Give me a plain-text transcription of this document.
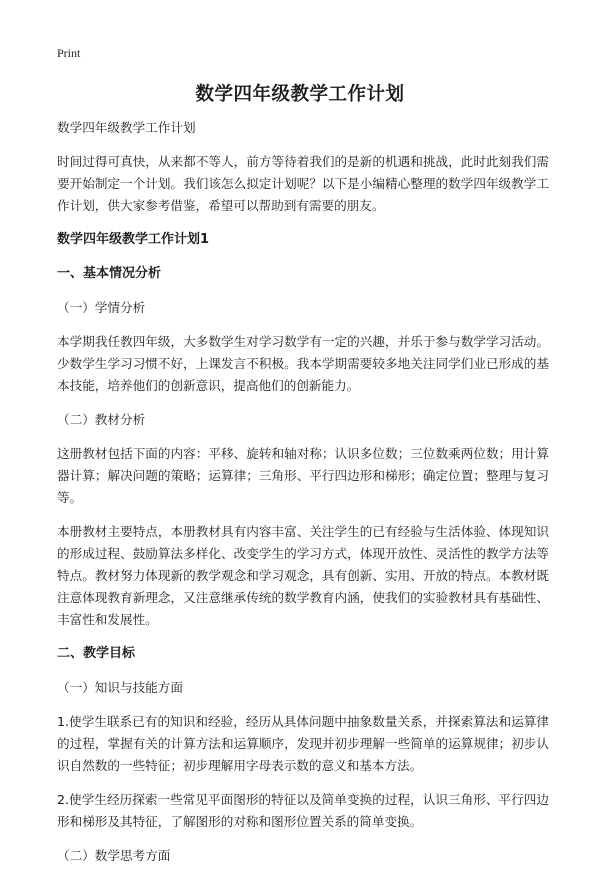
Print
数学四年级教学工作计划

数学四年级教学工作计划

时间过得可真快，从来都不等人，前方等待着我们的是新的机遇和挑战，此时此刻我们需要开始制定一个计划。我们该怎么拟定计划呢？以下是小编精心整理的数学四年级教学工作计划，供大家参考借鉴，希望可以帮助到有需要的朋友。

数学四年级教学工作计划1

一、基本情况分析

（一）学情分析

本学期我任教四年级，大多数学生对学习数学有一定的兴趣，并乐于参与数学学习活动。少数学生学习习惯不好，上课发言不积极。我本学期需要较多地关注同学们业已形成的基本技能，培养他们的创新意识，提高他们的创新能力。

（二）教材分析

这册教材包括下面的内容：平移、旋转和轴对称；认识多位数；三位数乘两位数；用计算器计算；解决问题的策略；运算律；三角形、平行四边形和梯形；确定位置；整理与复习等。

本册教材主要特点，本册教材具有内容丰富、关注学生的已有经验与生活体验、体现知识的形成过程、鼓励算法多样化、改变学生的学习方式，体现开放性、灵活性的教学方法等特点。教材努力体现新的教学观念和学习观念，具有创新、实用、开放的特点。本教材既注意体现教育新理念，又注意继承传统的数学教育内涵，使我们的实验教材具有基础性、丰富性和发展性。

二、教学目标

（一）知识与技能方面

1.使学生联系已有的知识和经验，经历从具体问题中抽象数量关系，并探索算法和运算律的过程，掌握有关的计算方法和运算顺序，发现并初步理解一些简单的运算规律；初步认识自然数的一些特征；初步理解用字母表示数的意义和基本方法。

2.使学生经历探索一些常见平面图形的特征以及简单变换的过程，认识三角形、平行四边形和梯形及其特征，了解图形的对称和图形位置关系的简单变换。

（二）数学思考方面
